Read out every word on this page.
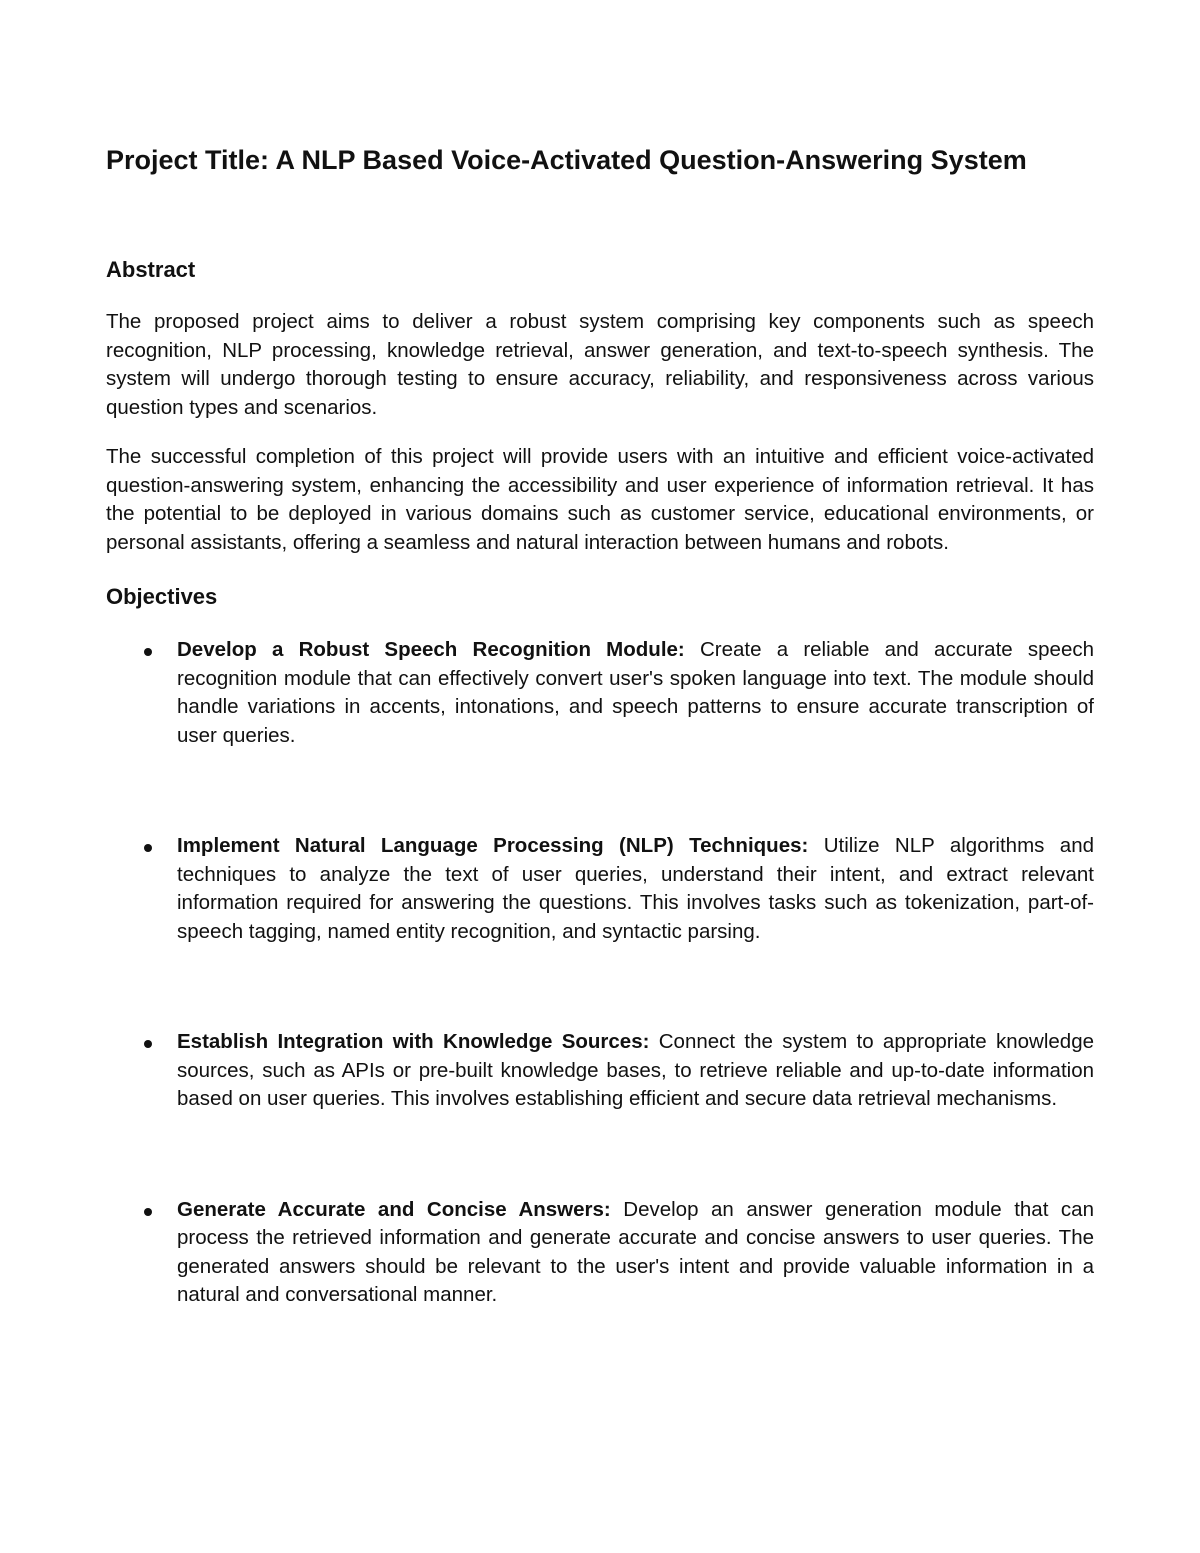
Project Title: A NLP Based Voice-Activated Question-Answering System
Abstract

The proposed project aims to deliver a robust system comprising key components such as speech recognition, NLP processing, knowledge retrieval, answer generation, and text-to-speech synthesis. The system will undergo thorough testing to ensure accuracy, reliability, and responsiveness across various question types and scenarios.

The successful completion of this project will provide users with an intuitive and efficient voice-activated question-answering system, enhancing the accessibility and user experience of information retrieval. It has the potential to be deployed in various domains such as customer service, educational environments, or personal assistants, offering a seamless and natural interaction between humans and robots.

Objectives
Develop a Robust Speech Recognition Module: Create a reliable and accurate speech recognition module that can effectively convert user's spoken language into text. The module should handle variations in accents, intonations, and speech patterns to ensure accurate transcription of user queries.
Implement Natural Language Processing (NLP) Techniques: Utilize NLP algorithms and techniques to analyze the text of user queries, understand their intent, and extract relevant information required for answering the questions. This involves tasks such as tokenization, part-of-speech tagging, named entity recognition, and syntactic parsing.
Establish Integration with Knowledge Sources: Connect the system to appropriate knowledge sources, such as APIs or pre-built knowledge bases, to retrieve reliable and up-to-date information based on user queries. This involves establishing efficient and secure data retrieval mechanisms.
Generate Accurate and Concise Answers: Develop an answer generation module that can process the retrieved information and generate accurate and concise answers to user queries. The generated answers should be relevant to the user's intent and provide valuable information in a natural and conversational manner.
